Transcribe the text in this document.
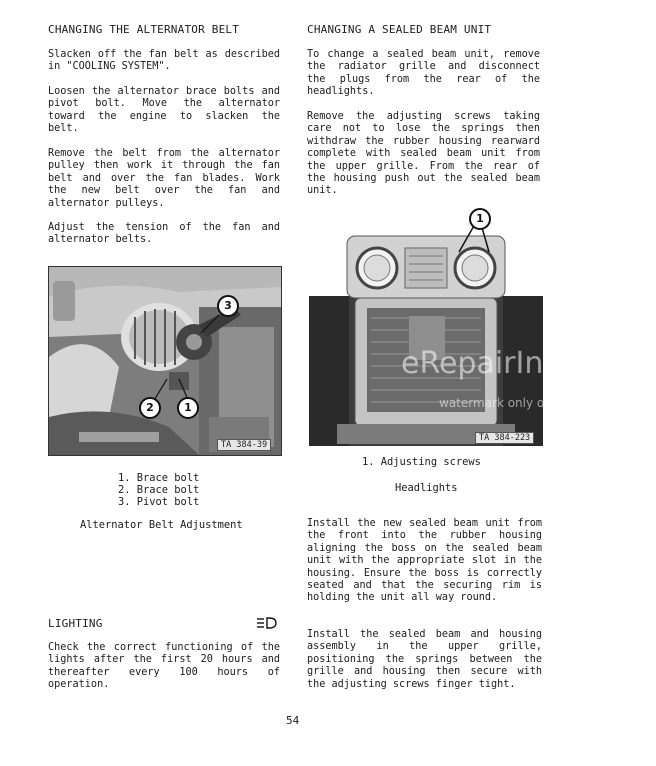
CHANGING THE ALTERNATOR BELT

Slacken off the fan belt as described in "COOLING SYSTEM".

Loosen the alternator brace bolts and pivot bolt. Move the alternator toward the engine to slacken the belt.

Remove the belt from the alternator pulley then work it through the fan belt and over the fan blades. Work the new belt over the fan and alternator pulleys.

Adjust the tension of the fan and alternator belts.

3
2	1
TA 384-39
1. Brace bolt
2. Brace bolt
3. Pivot bolt
Alternator Belt Adjustment
LIGHTING

Check the correct functioning of the lights after the first 20 hours and thereafter every 100 hours of operation.

CHANGING A SEALED BEAM UNIT

To change a sealed beam unit, remove the radiator grille and disconnect the plugs from the rear of the headlights.

Remove the adjusting screws taking care not to lose the springs then withdraw the rubber housing rearward complete with sealed beam unit from the upper grille. From the rear of the housing push out the sealed beam unit.

1
eRepairInfo.com
watermark only on this sample
TA 384-223
1. Adjusting screws
Headlights

Install the new sealed beam unit from the front into the rubber housing aligning the boss on the sealed beam unit with the appropriate slot in the housing. Ensure the boss is correctly seated and that the securing rim is holding the unit all way round.

Install the sealed beam and housing assembly in the upper grille, positioning the springs between the grille and housing then secure with the adjusting screws finger tight.

54
